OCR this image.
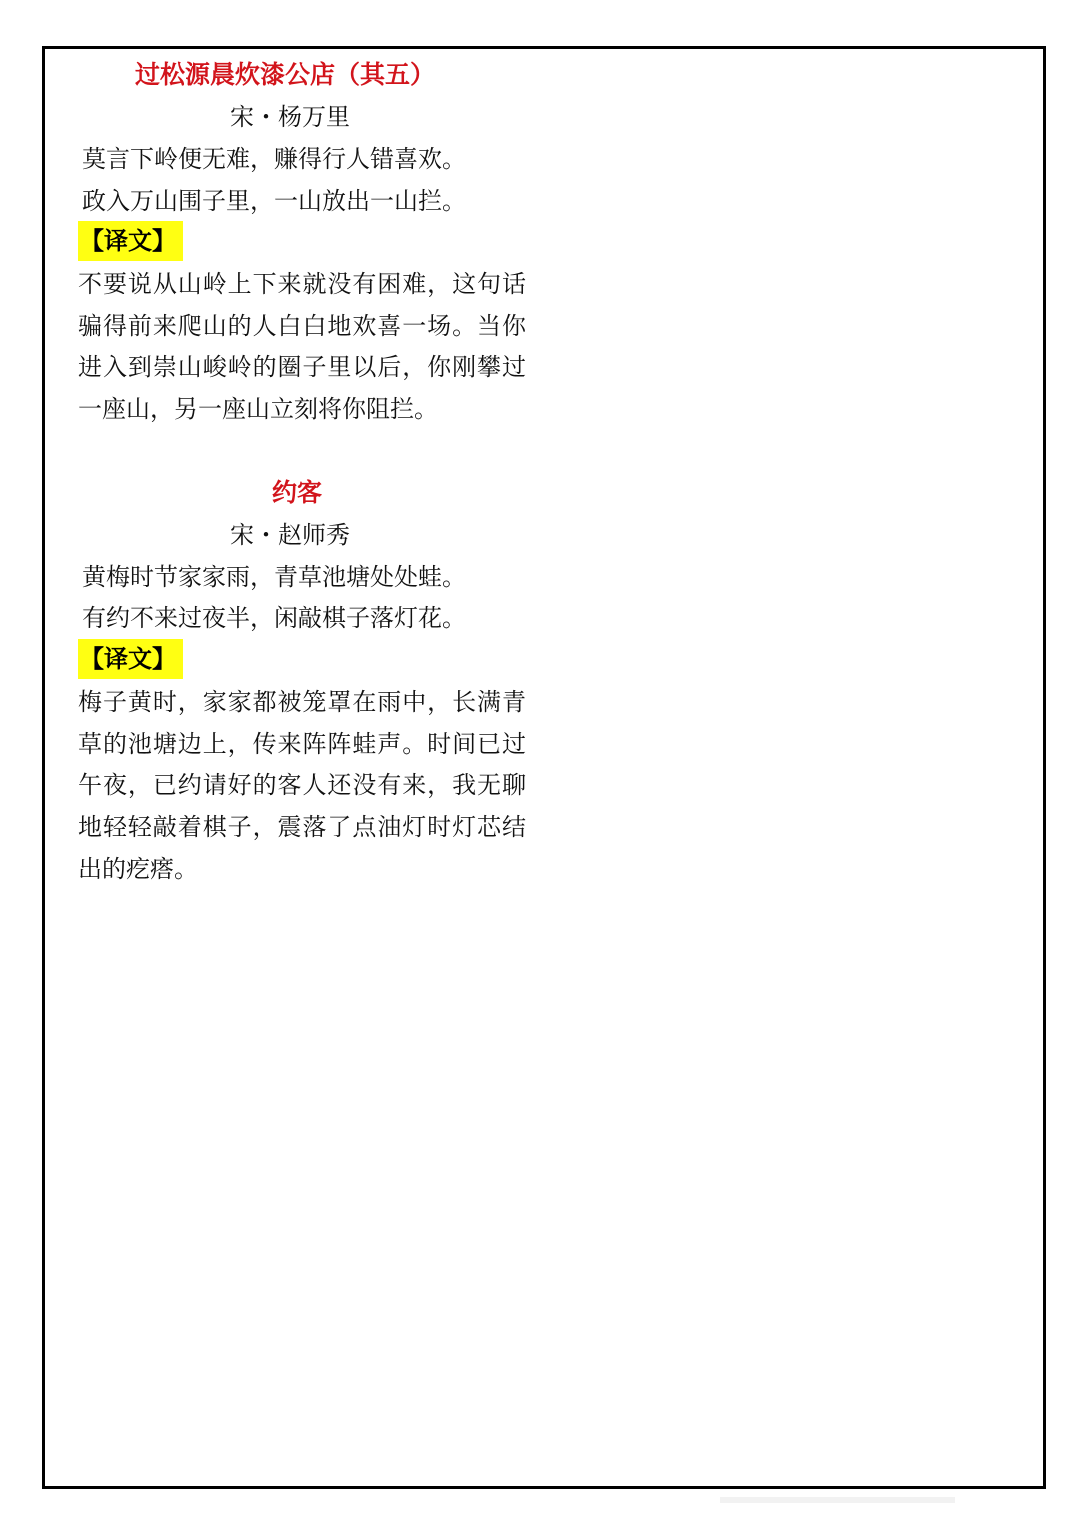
过松源晨炊漆公店（其五）
宋・杨万里
莫言下岭便无难，赚得行人错喜欢。
政入万山围子里，一山放出一山拦。
【译文】
不要说从山岭上下来就没有困难，这句话骗得前来爬山的人白白地欢喜一场。当你进入到崇山峻岭的圈子里以后，你刚攀过一座山，另一座山立刻将你阻拦。
约客
宋・赵师秀
黄梅时节家家雨，青草池塘处处蛙。
有约不来过夜半，闲敲棋子落灯花。
【译文】
梅子黄时，家家都被笼罩在雨中，长满青草的池塘边上，传来阵阵蛙声。时间已过午夜，已约请好的客人还没有来，我无聊地轻轻敲着棋子，震落了点油灯时灯芯结出的疙瘩。
